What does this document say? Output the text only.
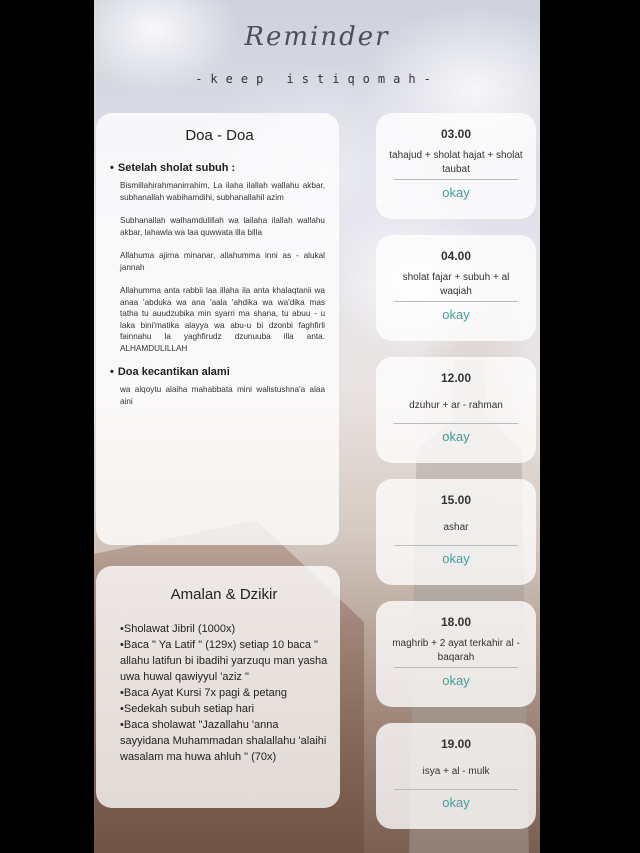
Reminder
-keep istiqomah-
Doa - Doa
• Setelah sholat subuh :

Bismillahirahmanirrahim, La ilaha ilallah wallahu akbar, subhanallah wabihamdihi, subhanallahil azim

Subhanallah walhamdulillah wa lailaha ilallah wallahu akbar, lahawla wa laa quwwata illa billa

Allahuma ajirna minanar, allahumma inni as - alukal jannah

Allahumma anta rabbii laa illaha ila anta khalaqtanii wa anaa 'abduka wa ana 'aala 'ahdika wa wa'dika mas tatha tu auudzubika min syarri ma shana, tu abuu - u laka bini'matika alayya wa abu-u bi dzonbi faghfirli fainnahu la yaghfirudz dzunuuba illa anta. ALHAMDULILLAH

• Doa kecantikan alami

wa alqoytu alaiha mahabbata mini walistushna'a alaa aini

Amalan & Dzikir
• Sholawat Jibril (1000x)
• Baca " Ya Latif " (129x) setiap 10 baca " allahu latifun bi ibadihi yarzuqu man yasha uwa huwal qawiyyul 'aziz "
• Baca Ayat Kursi 7x pagi & petang
• Sedekah subuh setiap hari
• Baca sholawat "Jazallahu 'anna sayyidana Muhammadan shalallahu 'alaihi wasalam ma huwa ahluh " (70x)
03.00
tahajud + sholat hajat + sholat taubat
okay
04.00
sholat fajar + subuh + al waqiah
okay
12.00
dzuhur + ar - rahman
okay
15.00
ashar
okay
18.00
maghrib + 2 ayat terkahir al - baqarah
okay
19.00
isya + al - mulk
okay
